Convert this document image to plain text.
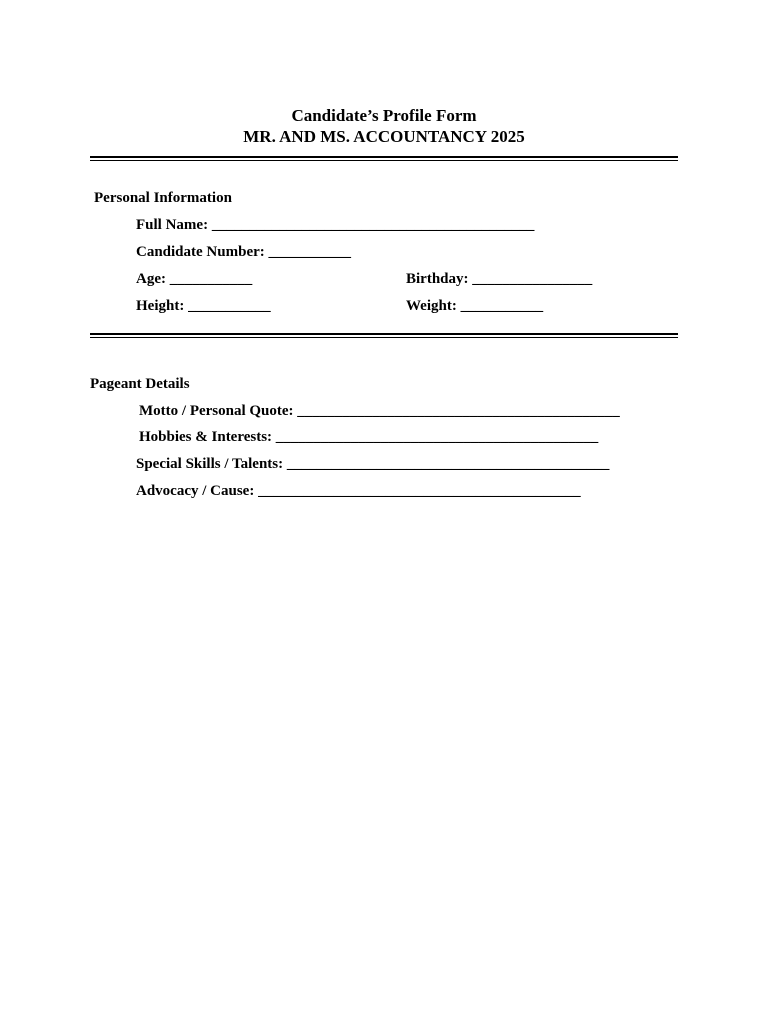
Candidate’s Profile Form
MR. AND MS. ACCOUNTANCY 2025
Personal Information
Full Name: ___________________________________________
Candidate Number: ___________
Age: ___________	Birthday: ________________
Height: ___________	Weight: ___________
Pageant Details
Motto / Personal Quote: ___________________________________________
Hobbies & Interests: ___________________________________________
Special Skills / Talents: ___________________________________________
Advocacy / Cause: ___________________________________________
